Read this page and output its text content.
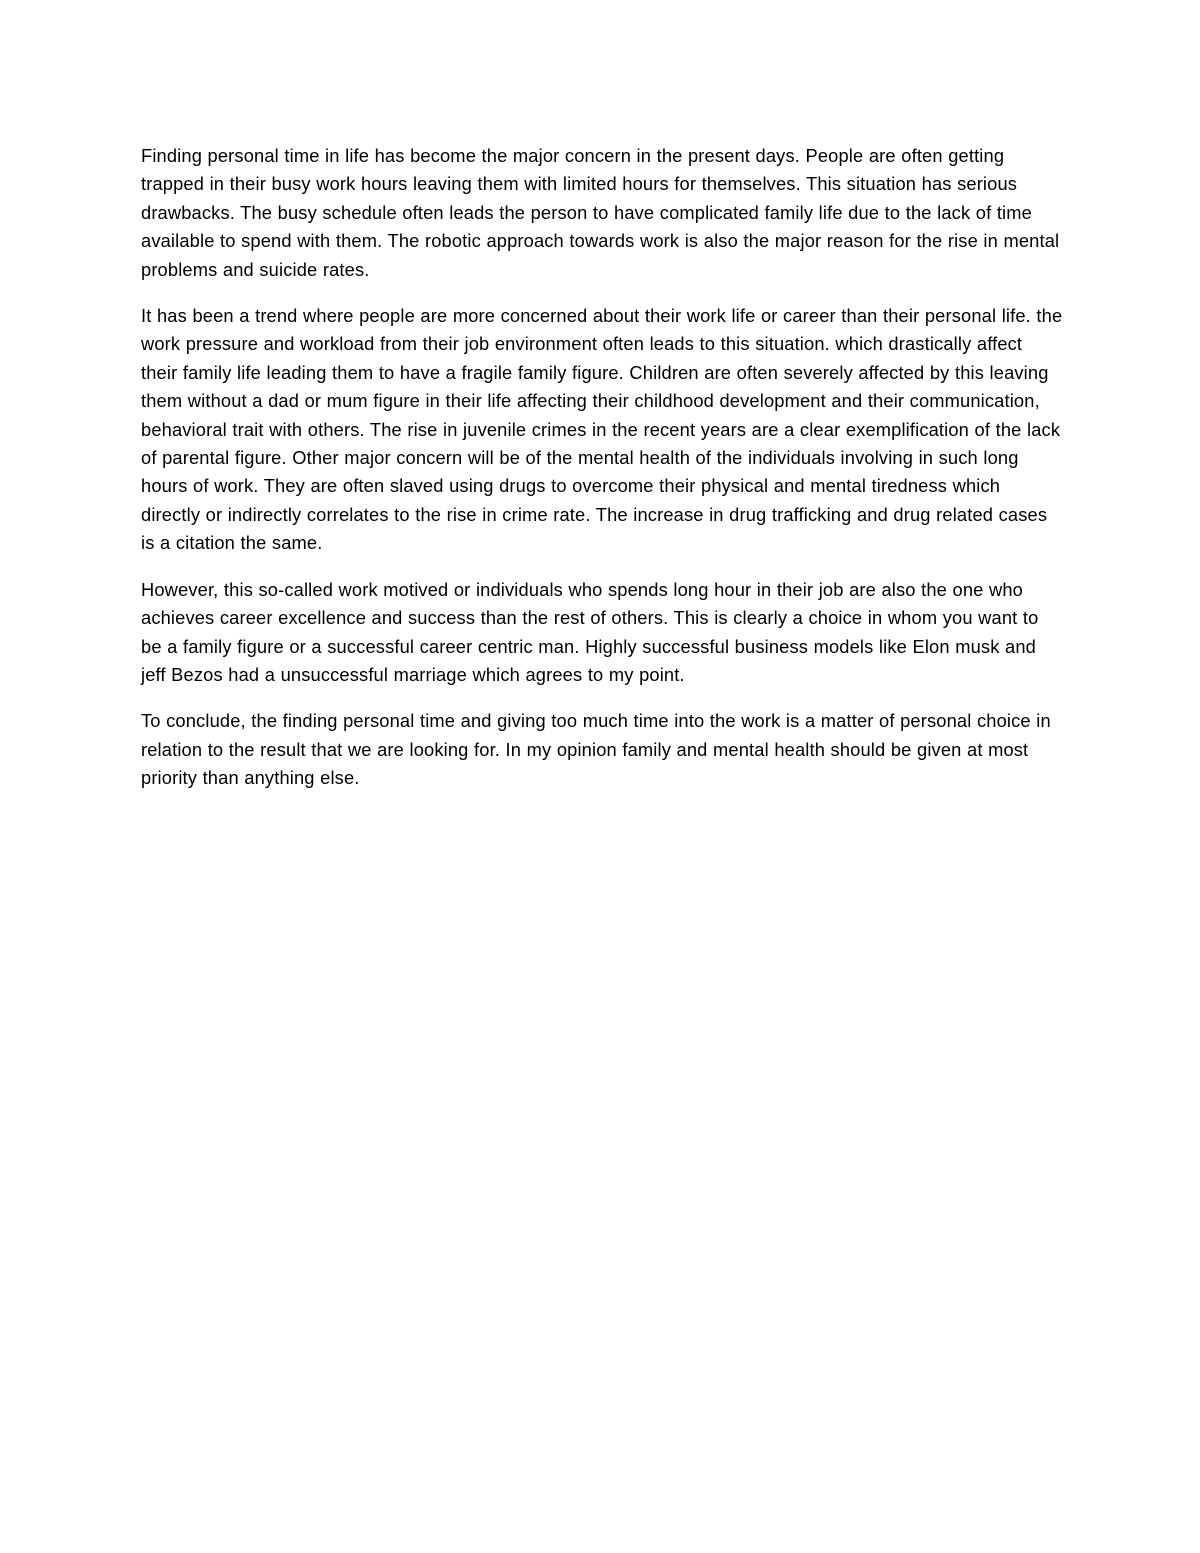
Finding personal time in life has become the major concern in the present days. People are often getting trapped in their busy work hours leaving them with limited hours for themselves. This situation has serious drawbacks. The busy schedule often leads the person to have complicated family life due to the lack of time available to spend with them. The robotic approach towards work is also the major reason for the rise in mental problems and suicide rates.

It has been a trend where people are more concerned about their work life or career than their personal life. the work pressure and workload from their job environment often leads to this situation. which drastically affect their family life leading them to have a fragile family figure. Children are often severely affected by this leaving them without a dad or mum figure in their life affecting their childhood development and their communication, behavioral trait with others. The rise in juvenile crimes in the recent years are a clear exemplification of the lack of parental figure. Other major concern will be of the mental health of the individuals involving in such long hours of work. They are often slaved using drugs to overcome their physical and mental tiredness which directly or indirectly correlates to the rise in crime rate. The increase in drug trafficking and drug related cases is a citation the same.

However, this so-called work motived or individuals who spends long hour in their job are also the one who achieves career excellence and success than the rest of others. This is clearly a choice in whom you want to be a family figure or a successful career centric man. Highly successful business models like Elon musk and jeff Bezos had a unsuccessful marriage which agrees to my point.

To conclude, the finding personal time and giving too much time into the work is a matter of personal choice in relation to the result that we are looking for. In my opinion family and mental health should be given at most priority than anything else.
